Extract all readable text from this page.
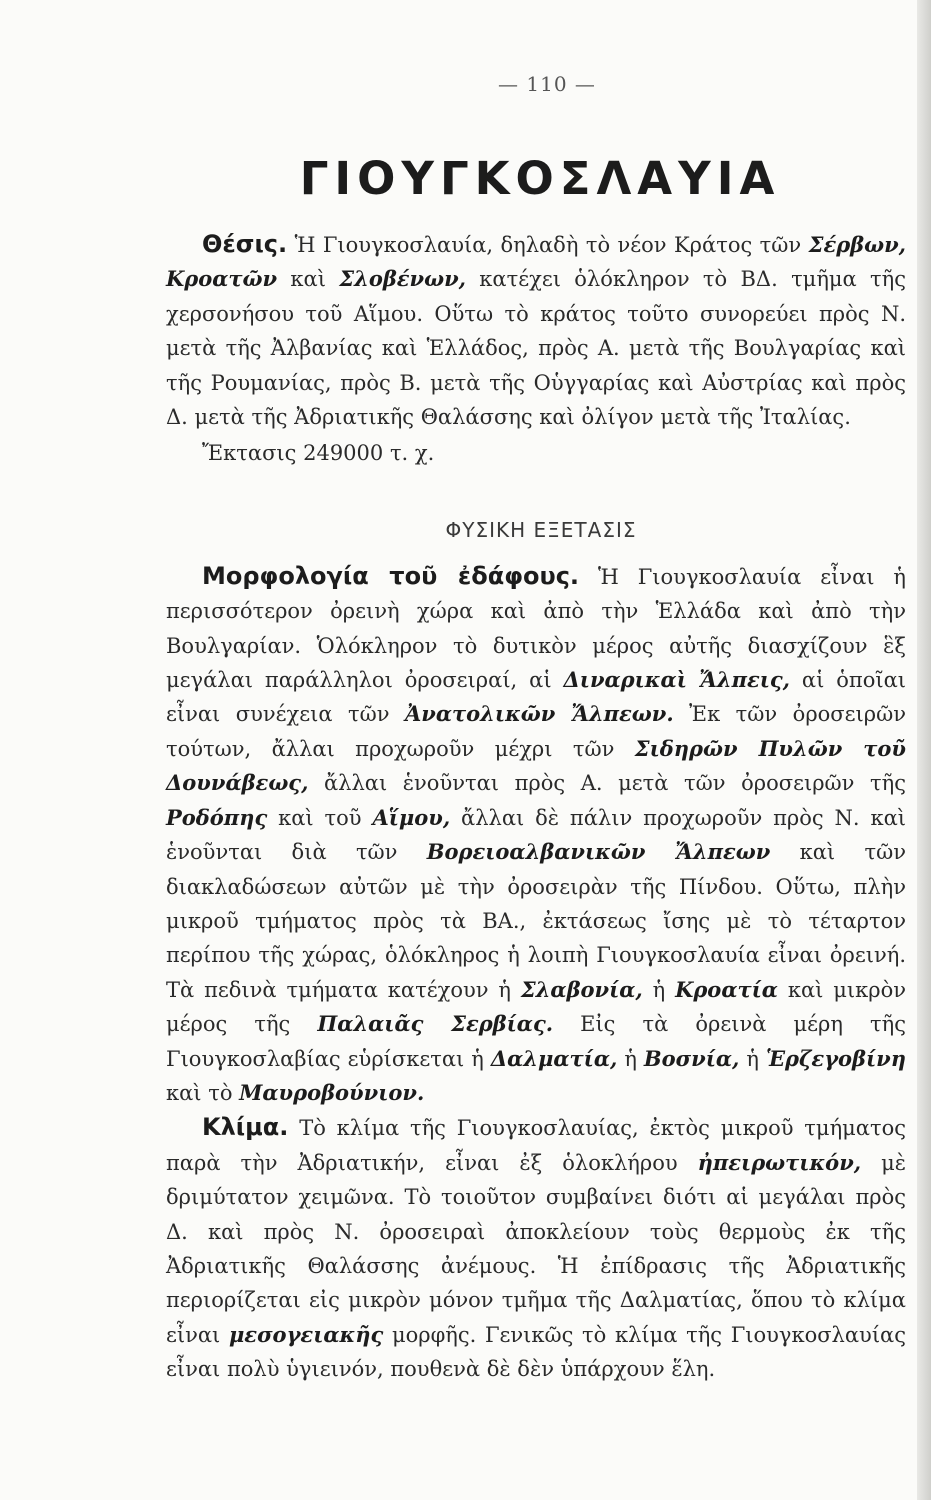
— 110 —
ΓΙΟΥΓΚΟΣΛΑΥΙΑ

Θέσις. Ἡ Γιουγκοσλαυία, δηλαδὴ τὸ νέον Κράτος τῶν Σέρβων, Κροατῶν καὶ Σλοβένων, κατέχει ὁλόκληρον τὸ ΒΔ. τμῆμα τῆς χερσονήσου τοῦ Αἵμου. Οὕτω τὸ κράτος τοῦτο συνορεύει πρὸς Ν. μετὰ τῆς Ἀλβανίας καὶ Ἑλλάδος, πρὸς Α. μετὰ τῆς Βουλγαρίας καὶ τῆς Ρουμανίας, πρὸς Β. μετὰ τῆς Οὑγγαρίας καὶ Αὐστρίας καὶ πρὸς Δ. μετὰ τῆς Ἀδριατικῆς Θαλάσσης καὶ ὀλίγον μετὰ τῆς Ἰταλίας.

Ἔκτασις 249000 τ. χ.

ΦΥΣΙΚΗ ΕΞΕΤΑΣΙΣ

Μορφολογία τοῦ ἐδάφους. Ἡ Γιουγκοσλαυία εἶναι ἡ περισσότερον ὀρεινὴ χώρα καὶ ἀπὸ τὴν Ἑλλάδα καὶ ἀπὸ τὴν Βουλγαρίαν. Ὁλόκληρον τὸ δυτικὸν μέρος αὐτῆς διασχίζουν ἓξ μεγάλαι παράλληλοι ὀροσειραί, αἱ Διναρικαὶ Ἄλπεις, αἱ ὁποῖαι εἶναι συνέχεια τῶν Ἀνατολικῶν Ἄλπεων. Ἐκ τῶν ὀροσειρῶν τούτων, ἄλλαι προχωροῦν μέχρι τῶν Σιδηρῶν Πυλῶν τοῦ Δουνάβεως, ἄλλαι ἑνοῦνται πρὸς Α. μετὰ τῶν ὀροσειρῶν τῆς Ροδόπης καὶ τοῦ Αἵμου, ἄλλαι δὲ πάλιν προχωροῦν πρὸς Ν. καὶ ἑνοῦνται διὰ τῶν Βορειοαλβανικῶν Ἄλπεων καὶ τῶν διακλαδώσεων αὐτῶν μὲ τὴν ὀροσειρὰν τῆς Πίνδου. Οὕτω, πλὴν μικροῦ τμήματος πρὸς τὰ ΒΑ., ἐκτάσεως ἴσης μὲ τὸ τέταρτον περίπου τῆς χώρας, ὁλόκληρος ἡ λοιπὴ Γιουγκοσλαυία εἶναι ὀρεινή. Τὰ πεδινὰ τμήματα κατέχουν ἡ Σλαβονία, ἡ Κροατία καὶ μικρὸν μέρος τῆς Παλαιᾶς Σερβίας. Εἰς τὰ ὀρεινὰ μέρη τῆς Γιουγκοσλαβίας εὑρίσκεται ἡ Δαλματία, ἡ Βοσνία, ἡ Ἑρζεγοβίνη καὶ τὸ Μαυροβούνιον.

Κλίμα. Τὸ κλίμα τῆς Γιουγκοσλαυίας, ἐκτὸς μικροῦ τμήματος παρὰ τὴν Ἀδριατικήν, εἶναι ἐξ ὁλοκλήρου ἠπειρωτικόν, μὲ δριμύτατον χειμῶνα. Τὸ τοιοῦτον συμβαίνει διότι αἱ μεγάλαι πρὸς Δ. καὶ πρὸς Ν. ὀροσειραὶ ἀποκλείουν τοὺς θερμοὺς ἐκ τῆς Ἀδριατικῆς Θαλάσσης ἀνέμους. Ἡ ἐπίδρασις τῆς Ἀδριατικῆς περιορίζεται εἰς μικρὸν μόνον τμῆμα τῆς Δαλματίας, ὅπου τὸ κλίμα εἶναι μεσογειακῆς μορφῆς. Γενικῶς τὸ κλίμα τῆς Γιουγκοσλαυίας εἶναι πολὺ ὑγιεινόν, πουθενὰ δὲ δὲν ὑπάρχουν ἕλη.
